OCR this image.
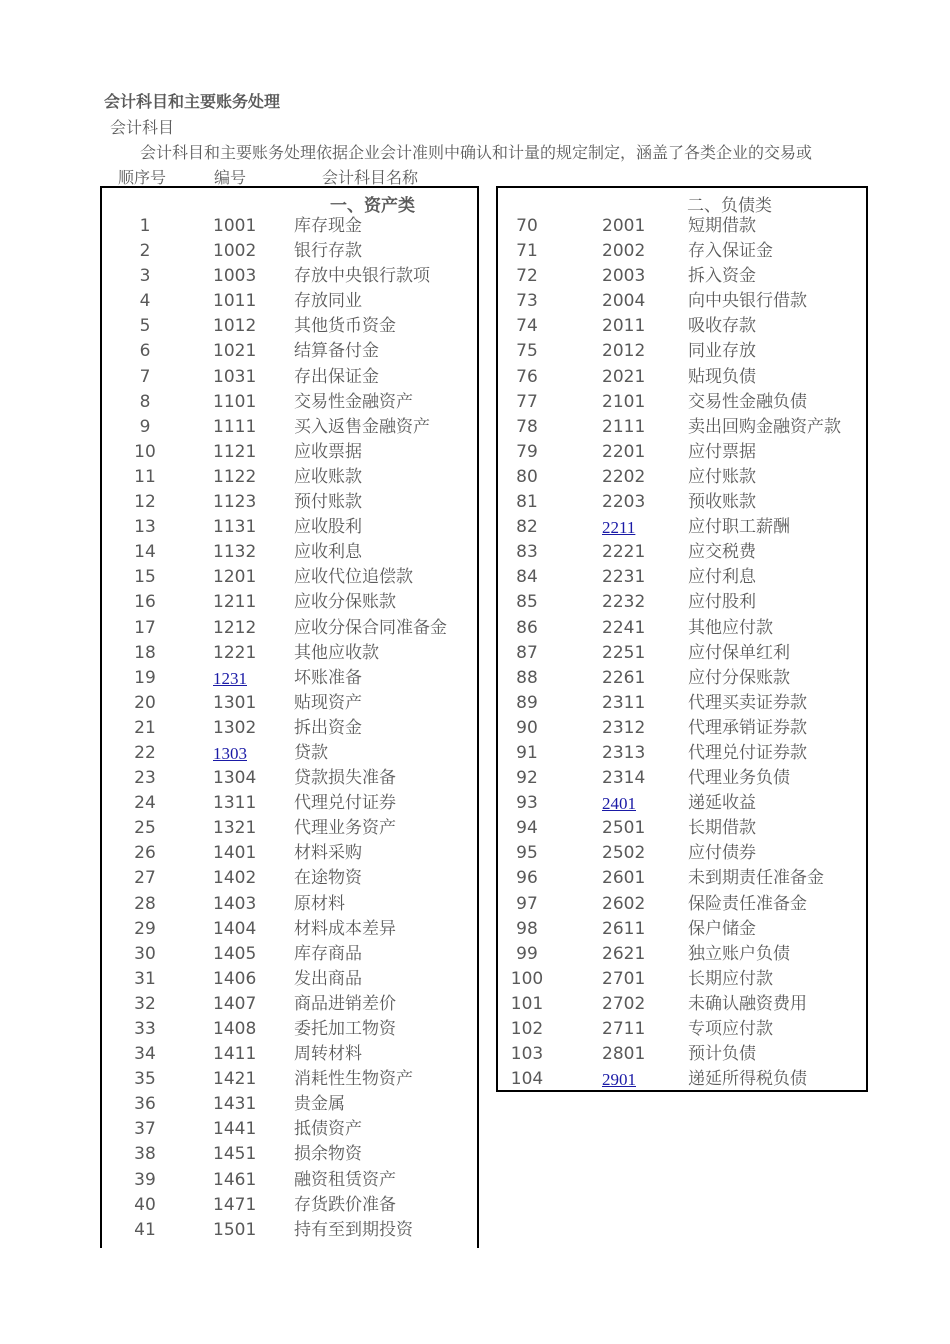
会计科目和主要账务处理
会计科目
会计科目和主要账务处理依据企业会计准则中确认和计量的规定制定，涵盖了各类企业的交易或
顺序号	编号	会计科目名称
一、资产类
1	1001 库存现金
2	1002 银行存款
3	1003 存放中央银行款项
4	1011 存放同业
5	1012 其他货币资金
6	1021 结算备付金
7	1031 存出保证金
8	1101 交易性金融资产
9	1111 买入返售金融资产
10	1121 应收票据
11	1122 应收账款
12	1123 预付账款
13	1131 应收股利
14	1132 应收利息
15	1201 应收代位追偿款
16	1211 应收分保账款
17	1212 应收分保合同准备金
18	1221 其他应收款
19	1231	坏账准备
20	1301 贴现资产
21	1302 拆出资金
22	1303	贷款
23	1304 贷款损失准备
24	1311 代理兑付证券
25	1321 代理业务资产
26	1401 材料采购
27	1402 在途物资
28	1403 原材料
29	1404 材料成本差异
30	1405 库存商品
31	1406 发出商品
32	1407 商品进销差价
33	1408 委托加工物资
34	1411 周转材料
35	1421 消耗性生物资产
36	1431 贵金属
37	1441 抵债资产
38	1451 损余物资
39	1461 融资租赁资产
40	1471 存货跌价准备
41	1501 持有至到期投资
二、负债类
70	2001	短期借款
71	2002	存入保证金
72	2003	拆入资金
73	2004	向中央银行借款
74	2011	吸收存款
75	2012	同业存放
76	2021	贴现负债
77	2101	交易性金融负债
78	2111	卖出回购金融资产款
79	2201	应付票据
80	2202	应付账款
81	2203	预收账款
82	2211	应付职工薪酬
83	2221	应交税费
84	2231	应付利息
85	2232	应付股利
86	2241	其他应付款
87	2251	应付保单红利
88	2261	应付分保账款
89	2311	代理买卖证券款
90	2312	代理承销证券款
91	2313	代理兑付证券款
92	2314	代理业务负债
93	2401	递延收益
94	2501	长期借款
95	2502	应付债券
96	2601	未到期责任准备金
97	2602	保险责任准备金
98	2611	保户储金
99	2621	独立账户负债
100	2701	长期应付款
101	2702	未确认融资费用
102	2711	专项应付款
103	2801	预计负债
104	2901	递延所得税负债
